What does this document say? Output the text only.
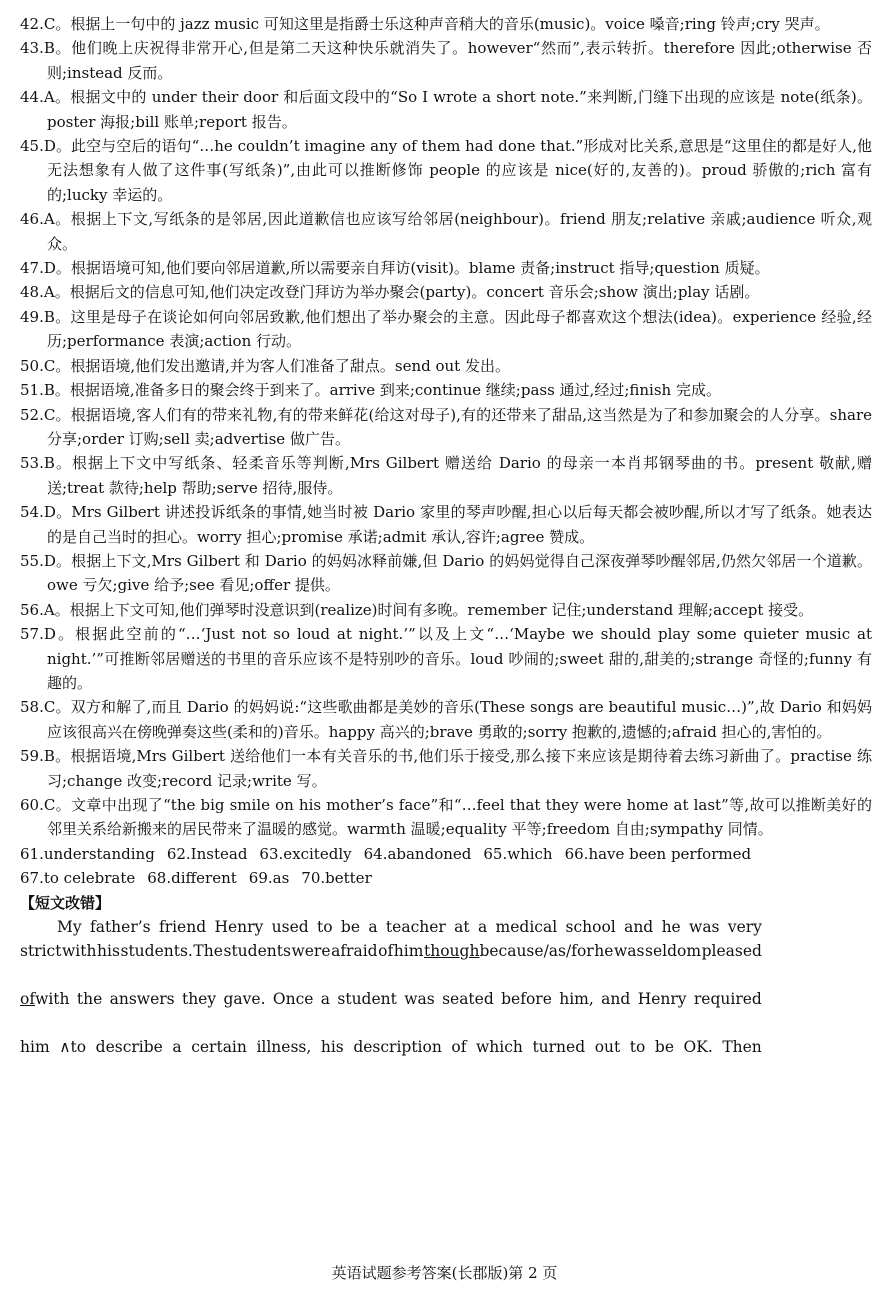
42.C。根据上一句中的 jazz music 可知这里是指爵士乐这种声音稍大的音乐(music)。voice 嗓音;ring 铃声;cry 哭声。
43.B。他们晚上庆祝得非常开心,但是第二天这种快乐就消失了。however“然而”,表示转折。therefore 因此;otherwise 否则;instead 反而。
44.A。根据文中的 under their door 和后面文段中的“So I wrote a short note.”来判断,门缝下出现的应该是 note(纸条)。poster 海报;bill 账单;report 报告。
45.D。此空与空后的语句“…he couldn’t imagine any of them had done that.”形成对比关系,意思是“这里住的都是好人,他无法想象有人做了这件事(写纸条)”,由此可以推断修饰 people 的应该是 nice(好的,友善的)。proud 骄傲的;rich 富有的;lucky 幸运的。
46.A。根据上下文,写纸条的是邻居,因此道歉信也应该写给邻居(neighbour)。friend 朋友;relative 亲戚;audience 听众,观众。
47.D。根据语境可知,他们要向邻居道歉,所以需要亲自拜访(visit)。blame 责备;instruct 指导;question 质疑。
48.A。根据后文的信息可知,他们决定改登门拜访为举办聚会(party)。concert 音乐会;show 演出;play 话剧。
49.B。这里是母子在谈论如何向邻居致歉,他们想出了举办聚会的主意。因此母子都喜欢这个想法(idea)。experience 经验,经历;performance 表演;action 行动。
50.C。根据语境,他们发出邀请,并为客人们准备了甜点。send out 发出。
51.B。根据语境,准备多日的聚会终于到来了。arrive 到来;continue 继续;pass 通过,经过;finish 完成。
52.C。根据语境,客人们有的带来礼物,有的带来鲜花(给这对母子),有的还带来了甜品,这当然是为了和参加聚会的人分享。share 分享;order 订购;sell 卖;advertise 做广告。
53.B。根据上下文中写纸条、轻柔音乐等判断,Mrs Gilbert 赠送给 Dario 的母亲一本肖邦钢琴曲的书。present 敬献,赠送;treat 款待;help 帮助;serve 招待,服侍。
54.D。Mrs Gilbert 讲述投诉纸条的事情,她当时被 Dario 家里的琴声吵醒,担心以后每天都会被吵醒,所以才写了纸条。她表达的是自己当时的担心。worry 担心;promise 承诺;admit 承认,容许;agree 赞成。
55.D。根据上下文,Mrs Gilbert 和 Dario 的妈妈冰释前嫌,但 Dario 的妈妈觉得自己深夜弹琴吵醒邻居,仍然欠邻居一个道歉。owe 亏欠;give 给予;see 看见;offer 提供。
56.A。根据上下文可知,他们弹琴时没意识到(realize)时间有多晚。remember 记住;understand 理解;accept 接受。
57.D。根据此空前的“…‘Just not so loud at night.’”以及上文“…‘Maybe we should play some quieter music at night.’”可推断邻居赠送的书里的音乐应该不是特别吵的音乐。loud 吵闹的;sweet 甜的,甜美的;strange 奇怪的;funny 有趣的。
58.C。双方和解了,而且 Dario 的妈妈说:“这些歌曲都是美妙的音乐(These songs are beautiful music…)”,故 Dario 和妈妈应该很高兴在傍晚弹奏这些(柔和的)音乐。happy 高兴的;brave 勇敢的;sorry 抱歉的,遗憾的;afraid 担心的,害怕的。
59.B。根据语境,Mrs Gilbert 送给他们一本有关音乐的书,他们乐于接受,那么接下来应该是期待着去练习新曲了。practise 练习;change 改变;record 记录;write 写。
60.C。文章中出现了“the big smile on his mother’s face”和“…feel that they were home at last”等,故可以推断美好的邻里关系给新搬来的居民带来了温暖的感觉。warmth 温暖;equality 平等;freedom 自由;sympathy 同情。
61.understanding 62.Instead 63.excitedly 64.abandoned 65.which 66.have been performed
67.to celebrate 68.different 69.as 70.better
【短文改错】
My father’s friend Henry used to be a teacher at a medical school and he was very
strict with his students. The students were afraid of him thoughbecause/as/for he was seldom pleased
ofwith the answers they gave. Once a student was seated before him, and Henry required
him ∧to describe a certain illness, his description of which turned out to be OK. Then
英语试题参考答案(长郡版)第 2 页
